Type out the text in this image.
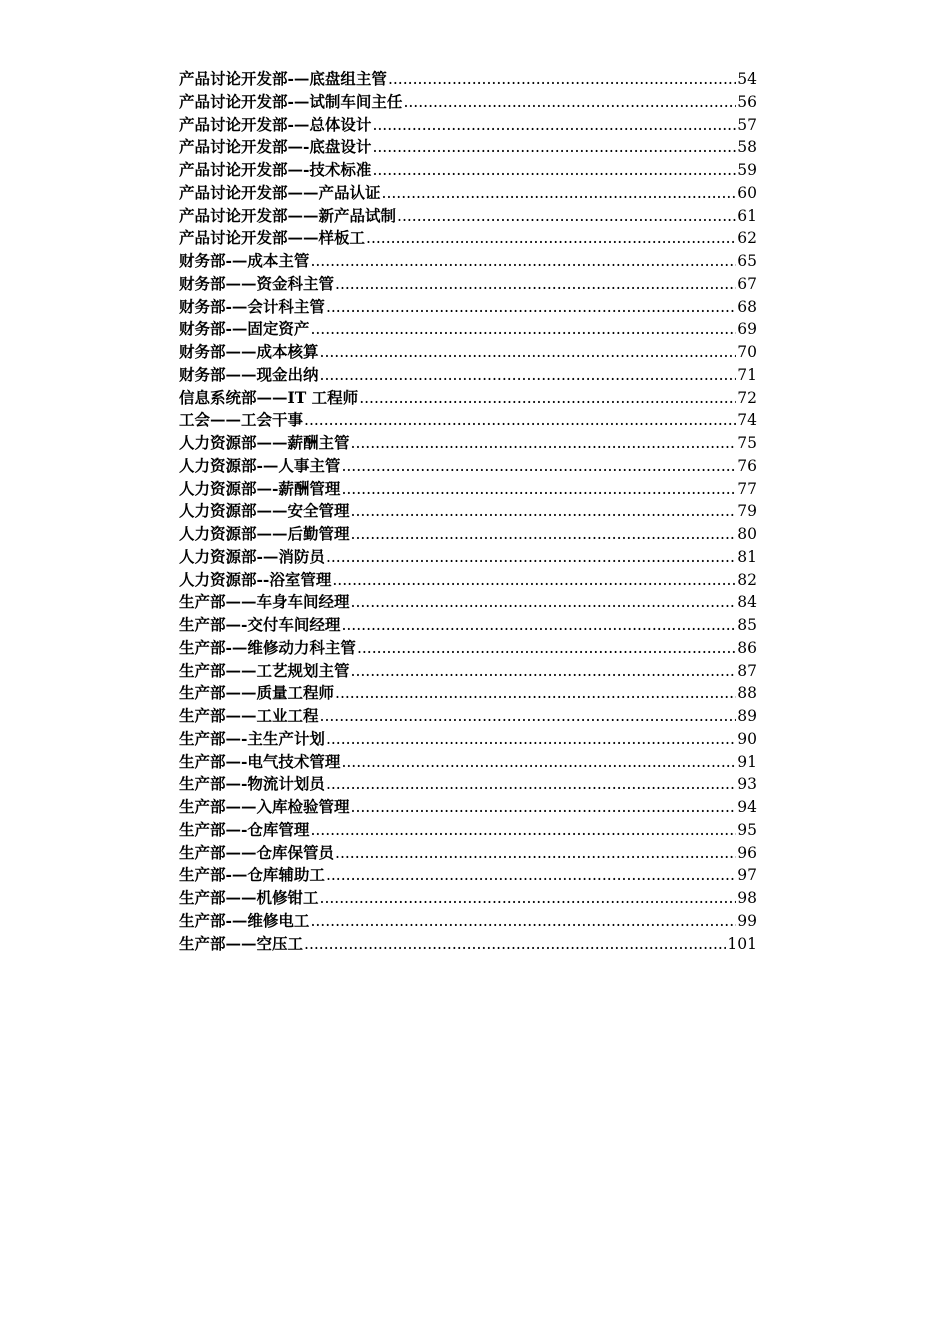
产品讨论开发部-—底盘组主管 .....	54
产品讨论开发部-—试制车间主任 .....	56
产品讨论开发部-—总体设计 .....	57
产品讨论开发部—-底盘设计 .....	58
产品讨论开发部—-技术标准 .....	59
产品讨论开发部——产品认证 .....	60
产品讨论开发部——新产品试制 .....	61
产品讨论开发部——样板工 .....	62
财务部-—成本主管 .....	65
财务部——资金科主管 .....	67
财务部-—会计科主管 .....	68
财务部-—固定资产 .....	69
财务部——成本核算 .....	70
财务部——现金出纳 .....	71
信息系统部——IT 工程师 .....	72
工会——工会干事 .....	74
人力资源部——薪酬主管 .....	75
人力资源部-—人事主管 .....	76
人力资源部—-薪酬管理 .....	77
人力资源部——安全管理 .....	79
人力资源部——后勤管理 .....	80
人力资源部-—消防员 .....	81
人力资源部--浴室管理 .....	82
生产部——车身车间经理 .....	84
生产部—-交付车间经理 .....	85
生产部-—维修动力科主管 .....	86
生产部——工艺规划主管 .....	87
生产部——质量工程师 .....	88
生产部——工业工程 .....	89
生产部—-主生产计划 .....	90
生产部—-电气技术管理 .....	91
生产部—-物流计划员 .....	93
生产部——入库检验管理 .....	94
生产部—-仓库管理 .....	95
生产部——仓库保管员 .....	96
生产部-—仓库辅助工 .....	97
生产部——机修钳工 .....	98
生产部-—维修电工 .....	99
生产部——空压工 .....	101
